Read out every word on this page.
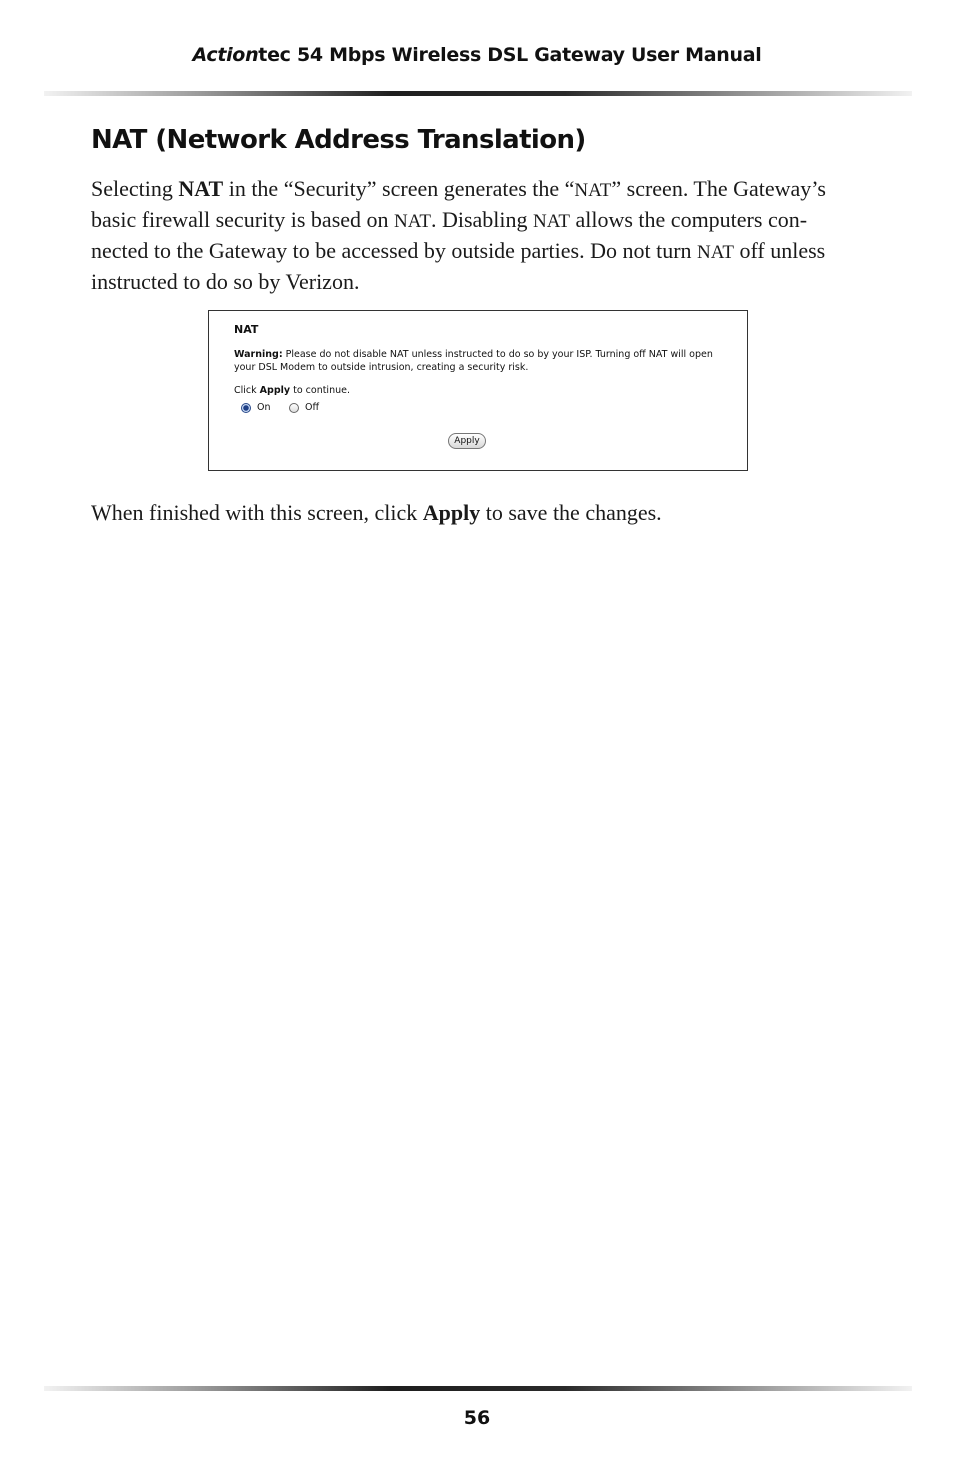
Actiontec 54 Mbps Wireless DSL Gateway User Manual
NAT (Network Address Translation)

Selecting NAT in the “Security” screen generates the “NAT” screen. The Gateway’s basic firewall security is based on NAT. Disabling NAT allows the computers con-nected to the Gateway to be accessed by outside parties. Do not turn NAT off unless instructed to do so by Verizon.

NAT
Warning: Please do not disable NAT unless instructed to do so by your ISP. Turning off NAT will open your DSL Modem to outside intrusion, creating a security risk.
Click Apply to continue.
On	Off
Apply

When finished with this screen, click Apply to save the changes.

56
